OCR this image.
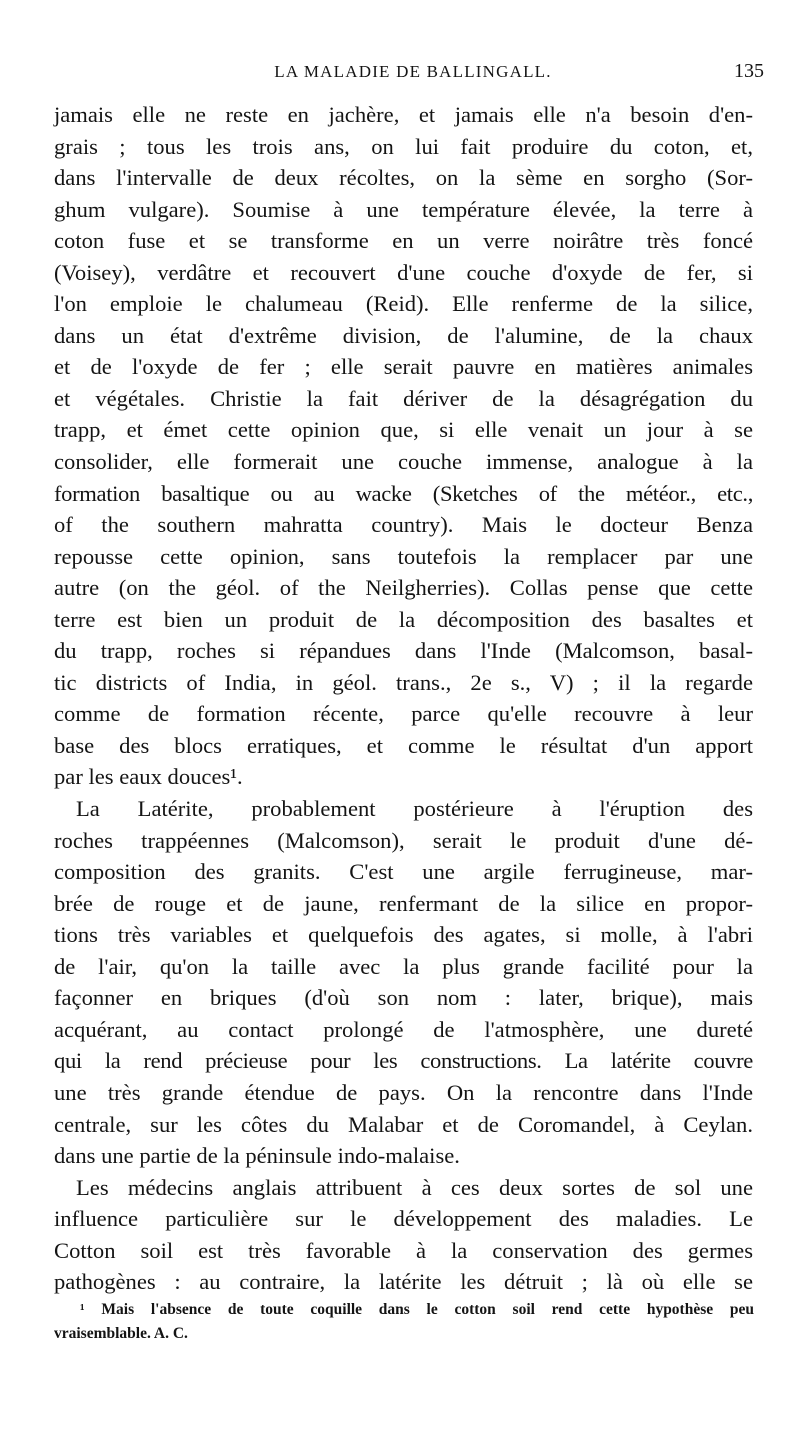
LA MALADIE DE BALLINGALL.	135
jamais elle ne reste en jachère, et jamais elle n'a besoin d'en-
grais ; tous les trois ans, on lui fait produire du coton, et,
dans l'intervalle de deux récoltes, on la sème en sorgho (Sor-
ghum vulgare). Soumise à une température élevée, la terre à
coton fuse et se transforme en un verre noirâtre très foncé
(Voisey), verdâtre et recouvert d'une couche d'oxyde de fer, si
l'on emploie le chalumeau (Reid). Elle renferme de la silice,
dans un état d'extrême division, de l'alumine, de la chaux
et de l'oxyde de fer ; elle serait pauvre en matières animales
et végétales. Christie la fait dériver de la désagrégation du
trapp, et émet cette opinion que, si elle venait un jour à se
consolider, elle formerait une couche immense, analogue à la
formation basaltique ou au wacke (Sketches of the météor., etc.,
of the southern mahratta country). Mais le docteur Benza
repousse cette opinion, sans toutefois la remplacer par une
autre (on the géol. of the Neilgherries). Collas pense que cette
terre est bien un produit de la décomposition des basaltes et
du trapp, roches si répandues dans l'Inde (Malcomson, basal-
tic districts of India, in géol. trans., 2e s., V) ; il la regarde
comme de formation récente, parce qu'elle recouvre à leur
base des blocs erratiques, et comme le résultat d'un apport
par les eaux douces¹.
La Latérite, probablement postérieure à l'éruption des
roches trappéennes (Malcomson), serait le produit d'une dé-
composition des granits. C'est une argile ferrugineuse, mar-
brée de rouge et de jaune, renfermant de la silice en propor-
tions très variables et quelquefois des agates, si molle, à l'abri
de l'air, qu'on la taille avec la plus grande facilité pour la
façonner en briques (d'où son nom : later, brique), mais
acquérant, au contact prolongé de l'atmosphère, une dureté
qui la rend précieuse pour les constructions. La latérite couvre
une très grande étendue de pays. On la rencontre dans l'Inde
centrale, sur les côtes du Malabar et de Coromandel, à Ceylan.
dans une partie de la péninsule indo-malaise.
Les médecins anglais attribuent à ces deux sortes de sol une
influence particulière sur le développement des maladies. Le
Cotton soil est très favorable à la conservation des germes
pathogènes : au contraire, la latérite les détruit ; là où elle se
¹ Mais l'absence de toute coquille dans le cotton soil rend cette hypothèse peu
vraisemblable. A. C.
